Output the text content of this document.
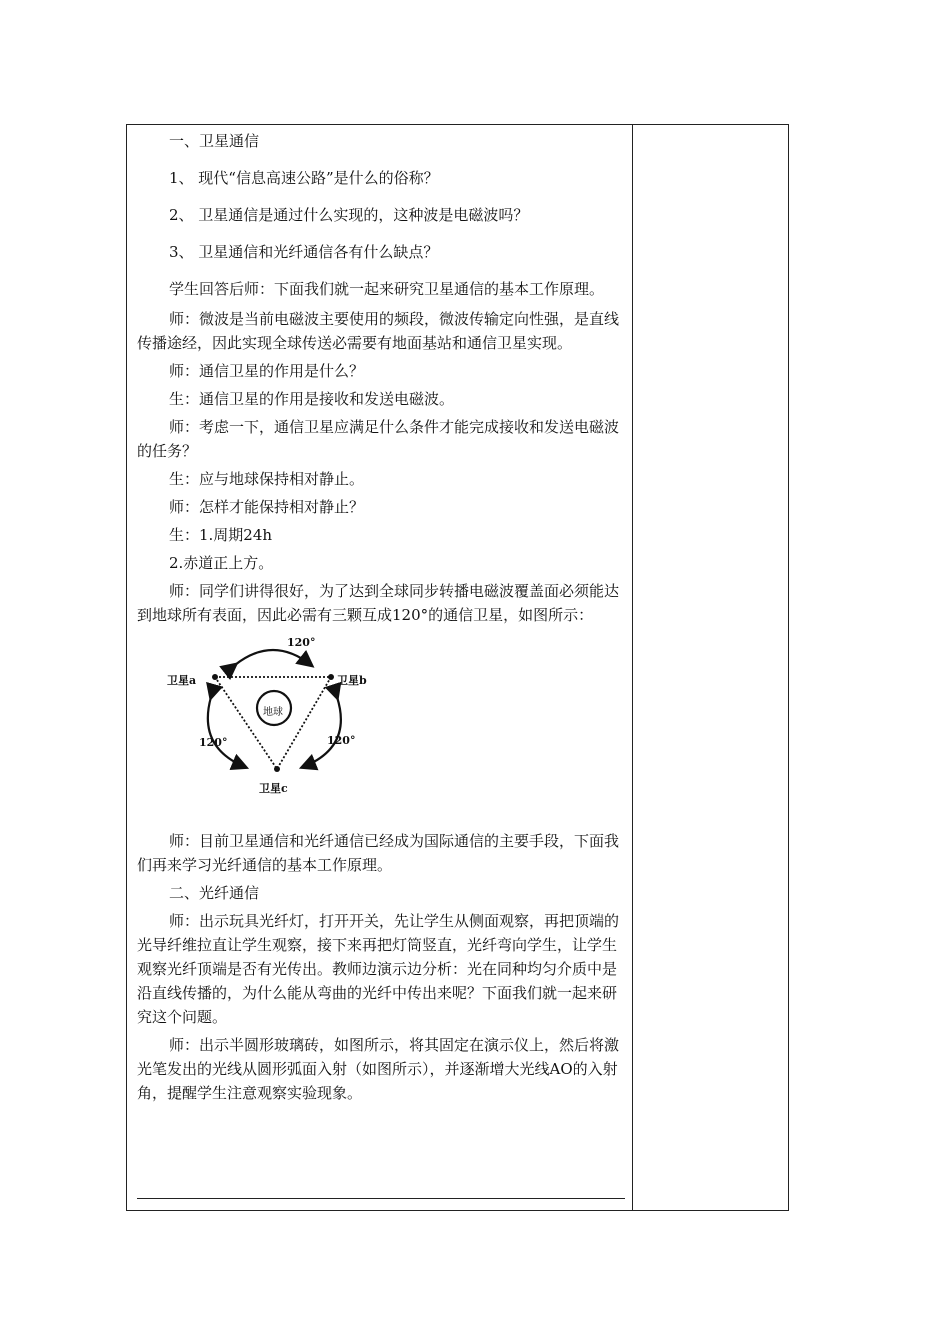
一、卫星通信

1、 现代“信息高速公路”是什么的俗称？

2、 卫星通信是通过什么实现的，这种波是电磁波吗？

3、 卫星通信和光纤通信各有什么缺点？

学生回答后师：下面我们就一起来研究卫星通信的基本工作原理。

师：微波是当前电磁波主要使用的频段，微波传输定向性强，是直线传播途经，因此实现全球传送必需要有地面基站和通信卫星实现。

师：通信卫星的作用是什么？

生：通信卫星的作用是接收和发送电磁波。

师：考虑一下，通信卫星应满足什么条件才能完成接收和发送电磁波的任务？

生：应与地球保持相对静止。

师：怎样才能保持相对静止？

生：1.周期24h

2.赤道正上方。

师：同学们讲得很好，为了达到全球同步转播电磁波覆盖面必须能达到地球所有表面，因此必需有三颗互成120°的通信卫星，如图所示：

120°
卫星a	卫星b
地球
120°	120°
卫星c

师：目前卫星通信和光纤通信已经成为国际通信的主要手段，下面我们再来学习光纤通信的基本工作原理。

二、光纤通信

师：出示玩具光纤灯，打开开关，先让学生从侧面观察，再把顶端的光导纤维拉直让学生观察，接下来再把灯筒竖直，光纤弯向学生，让学生观察光纤顶端是否有光传出。教师边演示边分析：光在同种均匀介质中是沿直线传播的，为什么能从弯曲的光纤中传出来呢？下面我们就一起来研究这个问题。

师：出示半圆形玻璃砖，如图所示，将其固定在演示仪上，然后将激光笔发出的光线从圆形弧面入射（如图所示），并逐渐增大光线AO的入射角，提醒学生注意观察实验现象。
